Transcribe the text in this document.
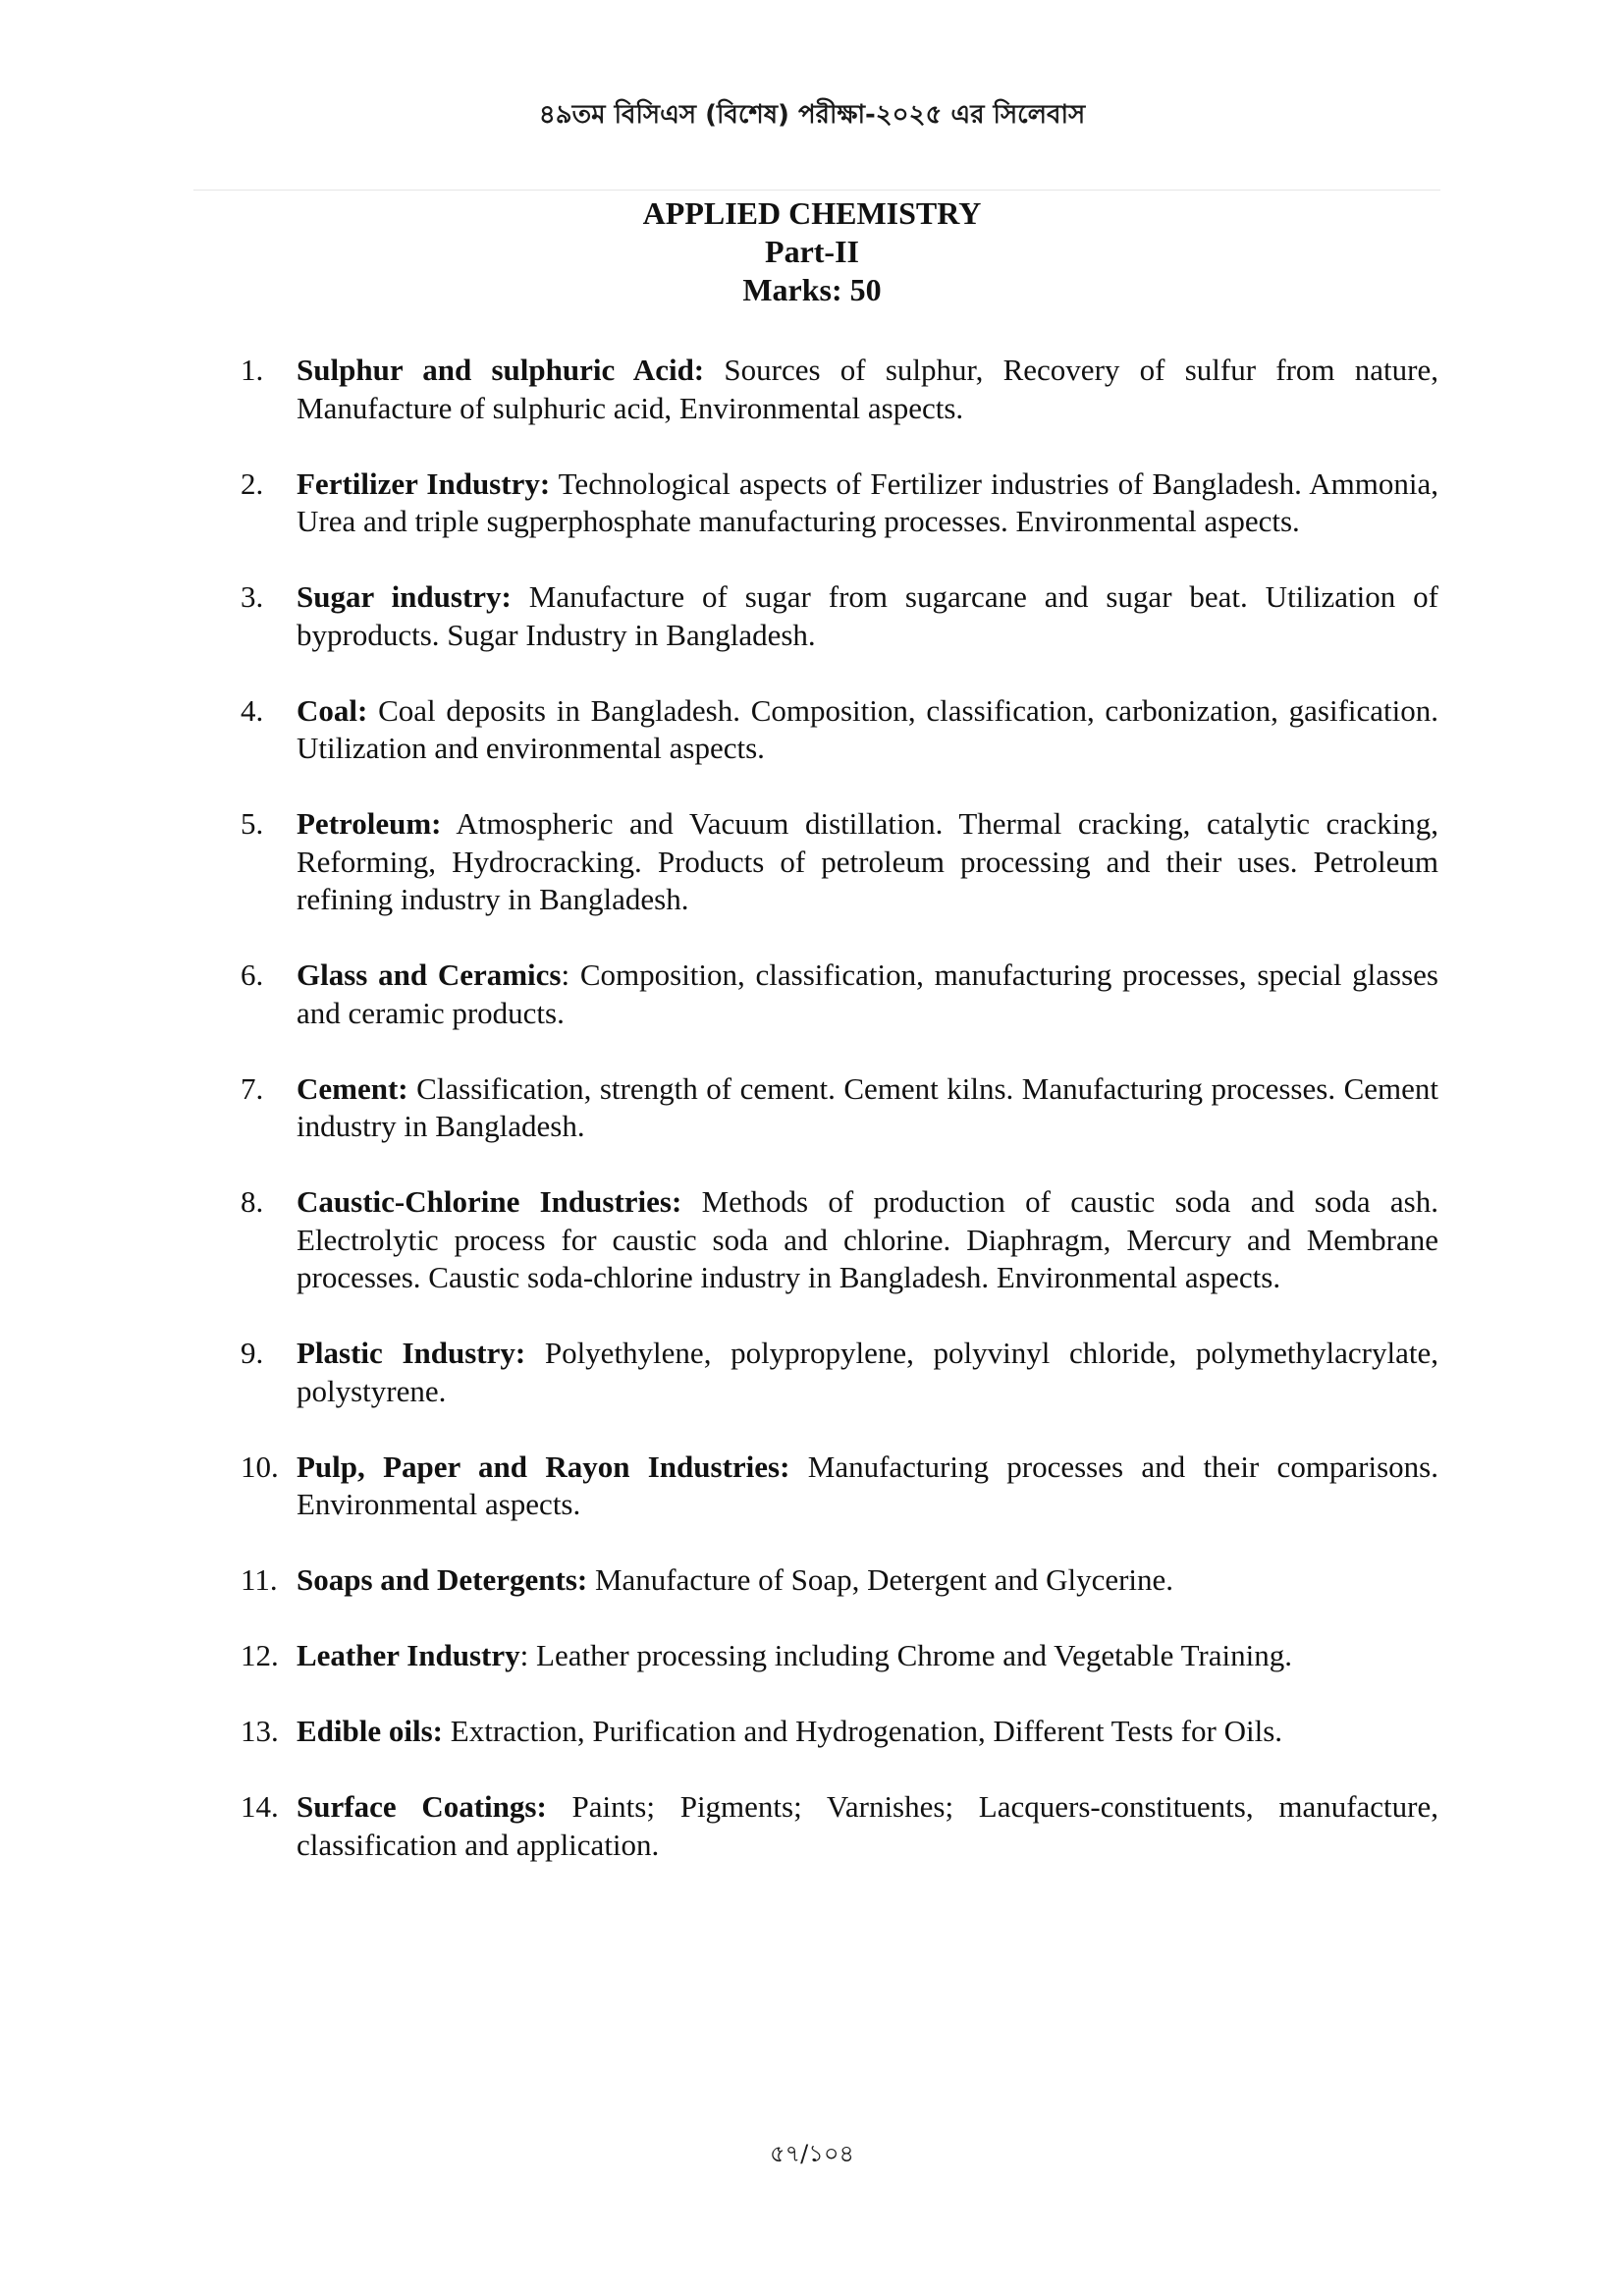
৪৯তম বিসিএস (বিশেষ) পরীক্ষা-২০২৫ এর সিলেবাস
APPLIED CHEMISTRY
Part-II
Marks: 50
1.	Sulphur and sulphuric Acid: Sources of sulphur, Recovery of sulfur from nature, Manufacture of sulphuric acid, Environmental aspects.
2.	Fertilizer Industry: Technological aspects of Fertilizer industries of Bangladesh. Ammonia, Urea and triple sugperphosphate manufacturing processes. Environmental aspects.
3.	Sugar industry: Manufacture of sugar from sugarcane and sugar beat. Utilization of byproducts. Sugar Industry in Bangladesh.
4.	Coal: Coal deposits in Bangladesh. Composition, classification, carbonization, gasification. Utilization and environmental aspects.
5.	Petroleum: Atmospheric and Vacuum distillation. Thermal cracking, catalytic cracking, Reforming, Hydrocracking. Products of petroleum processing and their uses. Petroleum refining industry in Bangladesh.
6.	Glass and Ceramics: Composition, classification, manufacturing processes, special glasses and ceramic products.
7.	Cement: Classification, strength of cement. Cement kilns. Manufacturing processes. Cement industry in Bangladesh.
8.	Caustic-Chlorine Industries: Methods of production of caustic soda and soda ash. Electrolytic process for caustic soda and chlorine. Diaphragm, Mercury and Membrane processes. Caustic soda-chlorine industry in Bangladesh. Environmental aspects.
9.	Plastic Industry: Polyethylene, polypropylene, polyvinyl chloride, polymethylacrylate, polystyrene.
10. Pulp, Paper and Rayon Industries: Manufacturing processes and their comparisons. Environmental aspects.
11. Soaps and Detergents: Manufacture of Soap, Detergent and Glycerine.
12. Leather Industry: Leather processing including Chrome and Vegetable Training.
13. Edible oils: Extraction, Purification and Hydrogenation, Different Tests for Oils.
14. Surface Coatings: Paints; Pigments; Varnishes; Lacquers-constituents, manufacture, classification and application.
৫৭/১০৪
